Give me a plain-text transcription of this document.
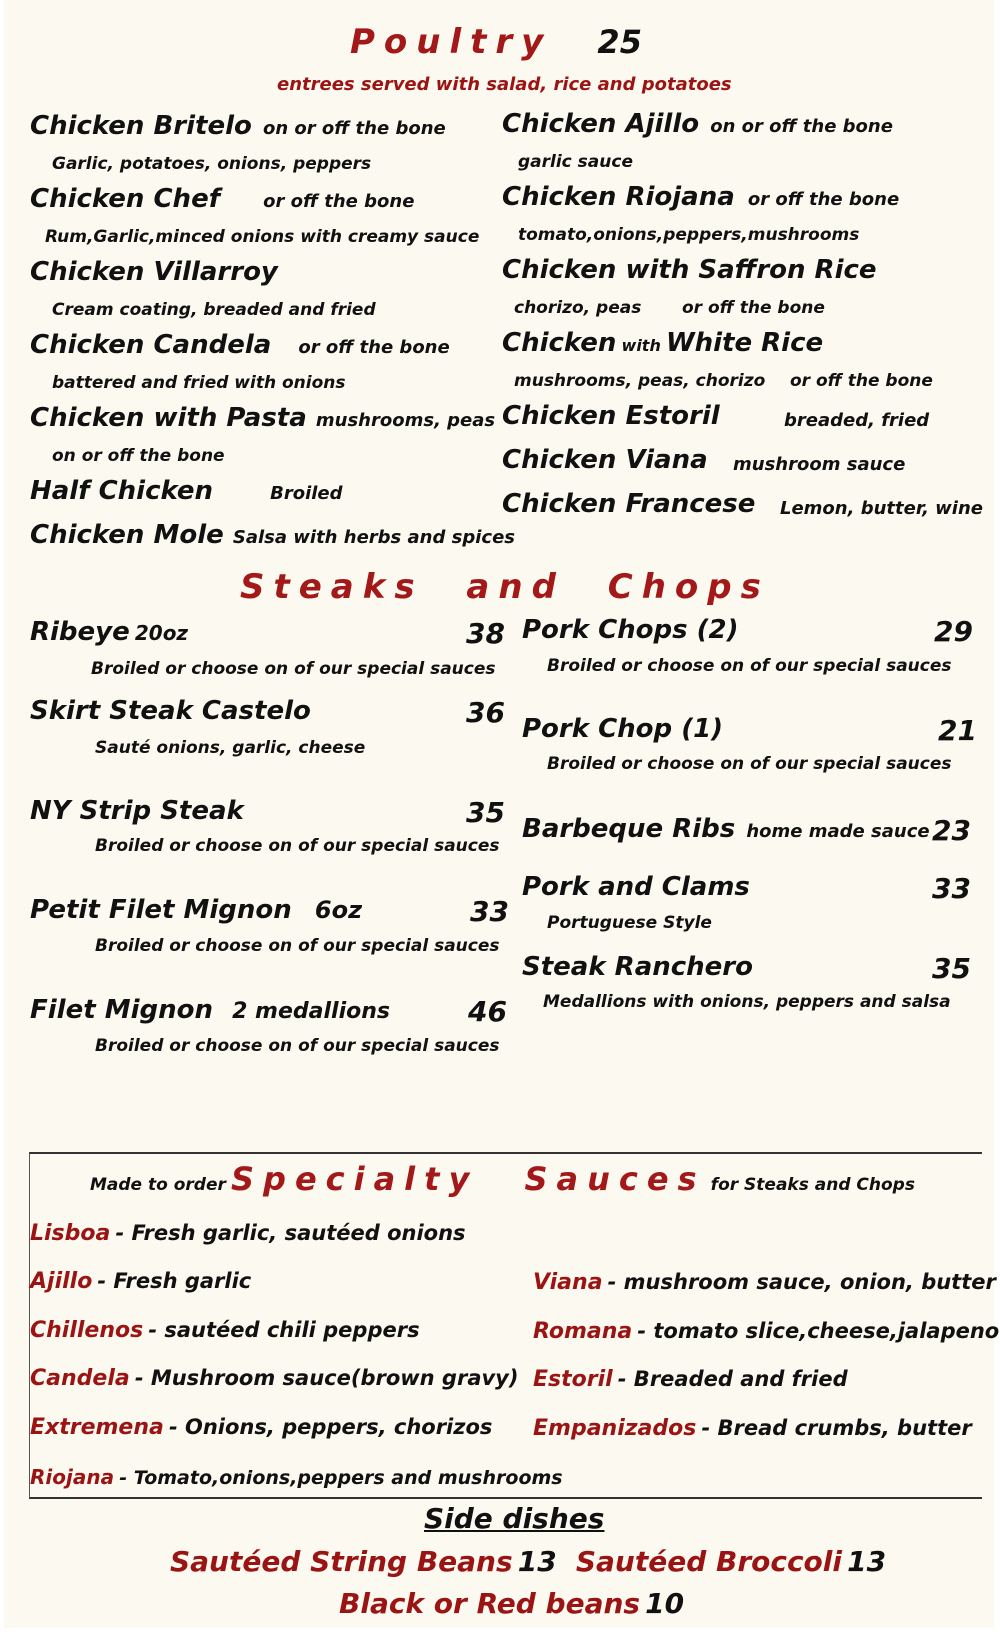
Poultry 25
entrees served with salad, rice and potatoes
Chicken Britelo on or off the bone
Garlic, potatoes, onions, peppers
Chicken Chef or off the bone
Rum,Garlic,minced onions with creamy sauce
Chicken Villarroy
Cream coating, breaded and fried
Chicken Candela or off the bone
battered and fried with onions
Chicken with Pasta mushrooms, peas
on or off the bone
Half Chicken	Broiled
Chicken Mole Salsa with herbs and spices
Chicken Ajillo on or off the bone
garlic sauce
Chicken Riojana or off the bone
tomato,onions,peppers,mushrooms
Chicken with Saffron Rice
chorizo, peas or off the bone
Chicken with White Rice
mushrooms, peas, chorizo or off the bone
Chicken Estoril	breaded, fried
Chicken Viana mushroom sauce
Chicken Francese Lemon, butter, wine
Steaks and Chops
Ribeye 20oz	38
Broiled or choose on of our special sauces
Skirt Steak Castelo	36
Sauté onions, garlic, cheese
NY Strip Steak	35
Broiled or choose on of our special sauces
Petit Filet Mignon 6oz	33
Broiled or choose on of our special sauces
Filet Mignon 2 medallions	46
Broiled or choose on of our special sauces
Pork Chops (2)	29
Broiled or choose on of our special sauces
Pork Chop (1)	21
Broiled or choose on of our special sauces
Barbeque Ribs home made sauce 23
Pork and Clams	33
Portuguese Style
Steak Ranchero	35
Medallions with onions, peppers and salsa
Made to order Specialty Sauces for Steaks and Chops
Lisboa - Fresh garlic, sautéed onions
Ajillo - Fresh garlic
Chillenos - sautéed chili peppers
Candela - Mushroom sauce(brown gravy)
Extremena - Onions, peppers, chorizos
Riojana - Tomato,onions,peppers and mushrooms
Viana - mushroom sauce, onion, butter
Romana - tomato slice,cheese,jalapeno
Estoril - Breaded and fried
Empanizados - Bread crumbs, butter
Side dishes
Sautéed String Beans 13 Sautéed Broccoli 13
Black or Red beans 10
